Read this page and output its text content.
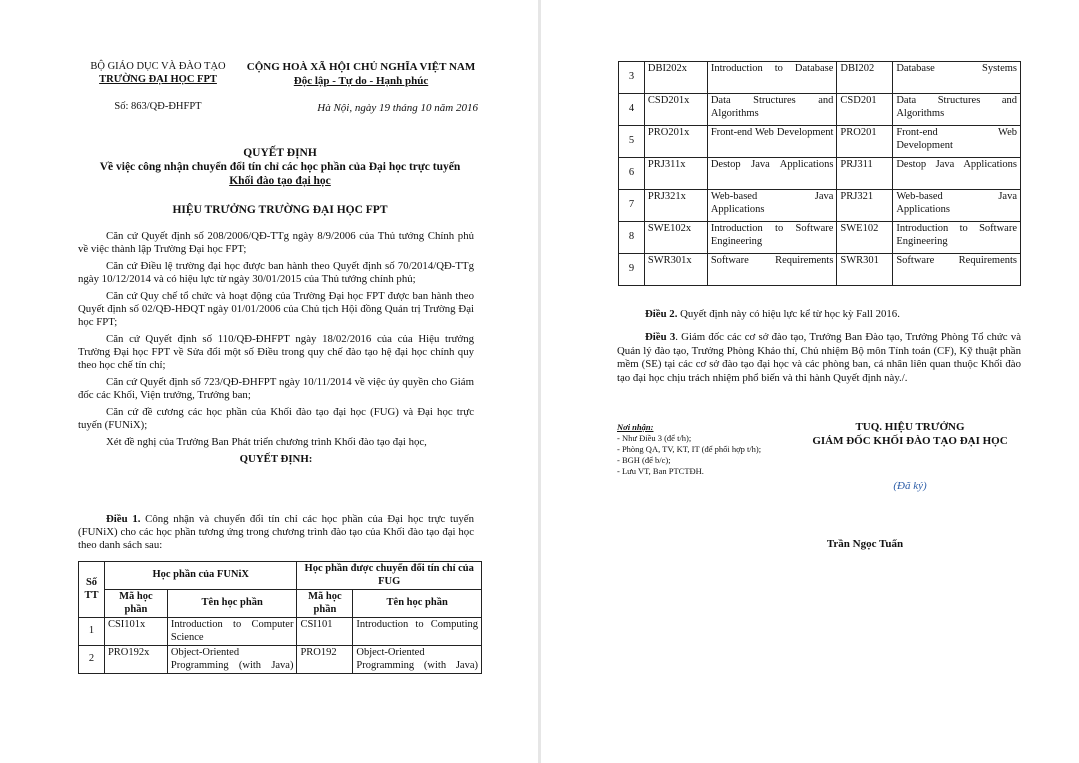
BỘ GIÁO DỤC VÀ ĐÀO TẠO
TRƯỜNG ĐẠI HỌC FPT
Số: 863/QĐ-ĐHFPT
CỘNG HOÀ XÃ HỘI CHỦ NGHĨA VIỆT NAM
Độc lập - Tự do - Hạnh phúc
Hà Nội, ngày 19 tháng 10 năm 2016
QUYẾT ĐỊNH
Về việc công nhận chuyển đổi tín chỉ các học phần của Đại học trực tuyến
Khối đào tạo đại học
HIỆU TRƯỞNG TRƯỜNG ĐẠI HỌC FPT

Căn cứ Quyết định số 208/2006/QĐ-TTg ngày 8/9/2006 của Thủ tướng Chính phủ về việc thành lập Trường Đại học FPT;

Căn cứ Điều lệ trường đại học được ban hành theo Quyết định số 70/2014/QĐ-TTg ngày 10/12/2014 và có hiệu lực từ ngày 30/01/2015 của Thủ tướng chính phủ;

Căn cứ Quy chế tổ chức và hoạt động của Trường Đại học FPT được ban hành theo Quyết định số 02/QĐ-HĐQT ngày 01/01/2006 của Chủ tịch Hội đồng Quản trị Trường Đại học FPT;

Căn cứ Quyết định số 110/QĐ-ĐHFPT ngày 18/02/2016 của của Hiệu trưởng Trường Đại học FPT về Sửa đổi một số Điều trong quy chế đào tạo hệ đại học chính quy theo học chế tín chỉ;

Căn cứ Quyết định số 723/QĐ-ĐHFPT ngày 10/11/2014 về việc ủy quyền cho Giám đốc các Khối, Viện trưởng, Trưởng ban;

Căn cứ đề cương các học phần của Khối đào tạo đại học (FUG) và Đại học trực tuyến (FUNiX);

Xét đề nghị của Trưởng Ban Phát triển chương trình Khối đào tạo đại học,

QUYẾT ĐỊNH:

Điều 1. Công nhận và chuyển đổi tín chỉ các học phần của Đại học trực tuyến (FUNiX) cho các học phần tương ứng trong chương trình đào tạo của Khối đào tạo đại học theo danh sách sau:
Số TT	Học phần của FUNiX		Học phần được chuyển đổi tín chỉ của FUG	
	Mã học phần	Tên học phần	Mã học phần	Tên học phần
1	CSI101x	Introduction to Computer Science	CSI101	Introduction to Computing
2	PRO192x	Object-Oriented Programming (with Java)	PRO192	Object-Oriented Programming (with Java)
3	DBI202x	Introduction to Database	DBI202	Database Systems
4	CSD201x	Data Structures and Algorithms	CSD201	Data Structures and Algorithms
5	PRO201x	Front-end Web Development	PRO201	Front-end Web Development
6	PRJ311x	Destop Java Applications	PRJ311	Destop Java Applications
7	PRJ321x	Web-based Java Applications	PRJ321	Web-based Java Applications
8	SWE102x	Introduction to Software Engineering	SWE102	Introduction to Software Engineering
9	SWR301x	Software Requirements	SWR301	Software Requirements
Điều 2. Quyết định này có hiệu lực kể từ học kỳ Fall 2016.
Điều 3. Giám đốc các cơ sở đào tạo, Trưởng Ban Đào tạo, Trưởng Phòng Tổ chức và Quản lý đào tạo, Trưởng Phòng Khảo thí, Chủ nhiệm Bộ môn Tính toán (CF), Kỹ thuật phần mềm (SE) tại các cơ sở đào tạo đại học và các phòng ban, cá nhân liên quan thuộc Khối đào tạo đại học chịu trách nhiệm phổ biến và thi hành Quyết định này./.
Nơi nhận:
- Như Điều 3 (để t/h);
- Phòng QA, TV, KT, IT (để phối hợp t/h);
- BGH (để b/c);
- Lưu VT, Ban PTCTĐH.
TUQ. HIỆU TRƯỞNG
GIÁM ĐỐC KHỐI ĐÀO TẠO ĐẠI HỌC
(Đã ký)
Trần Ngọc Tuấn
